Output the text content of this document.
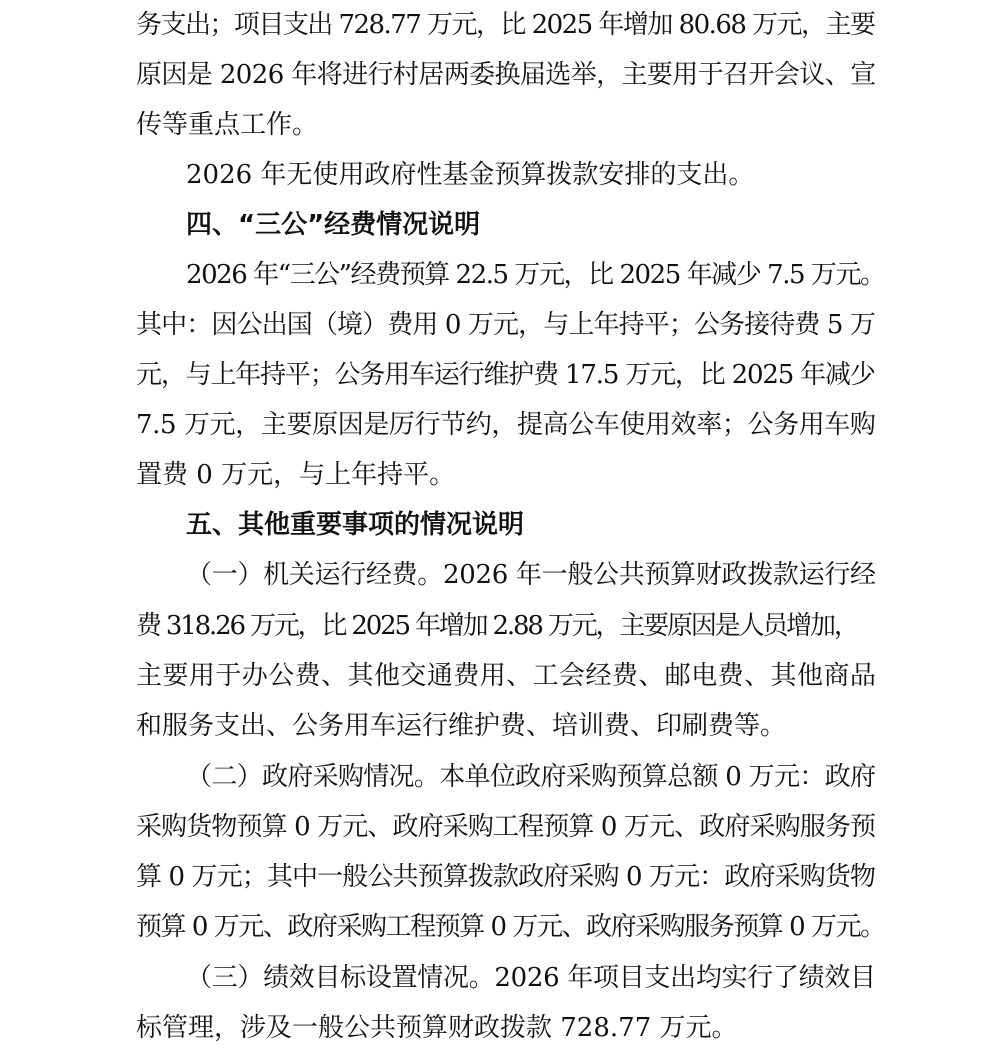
务支出；项目支出 728.77 万元，比 2025 年增加 80.68 万元，主要
原因是 2026 年将进行村居两委换届选举，主要用于召开会议、宣
传等重点工作。
2026 年无使用政府性基金预算拨款安排的支出。
四、“三公”经费情况说明
2026 年“三公”经费预算 22.5 万元，比 2025 年减少 7.5 万元。
其中：因公出国（境）费用 0 万元，与上年持平；公务接待费 5 万
元，与上年持平；公务用车运行维护费 17.5 万元，比 2025 年减少
7.5 万元，主要原因是厉行节约，提高公车使用效率；公务用车购
置费 0 万元，与上年持平。
五、其他重要事项的情况说明
（一）机关运行经费。2026 年一般公共预算财政拨款运行经
费 318.26 万元，比 2025 年增加 2.88 万元，主要原因是人员增加，
主要用于办公费、其他交通费用、工会经费、邮电费、其他商品
和服务支出、公务用车运行维护费、培训费、印刷费等。
（二）政府采购情况。本单位政府采购预算总额 0 万元：政府
采购货物预算 0 万元、政府采购工程预算 0 万元、政府采购服务预
算 0 万元；其中一般公共预算拨款政府采购 0 万元：政府采购货物
预算 0 万元、政府采购工程预算 0 万元、政府采购服务预算 0 万元。
（三）绩效目标设置情况。2026 年项目支出均实行了绩效目
标管理，涉及一般公共预算财政拨款 728.77 万元。
